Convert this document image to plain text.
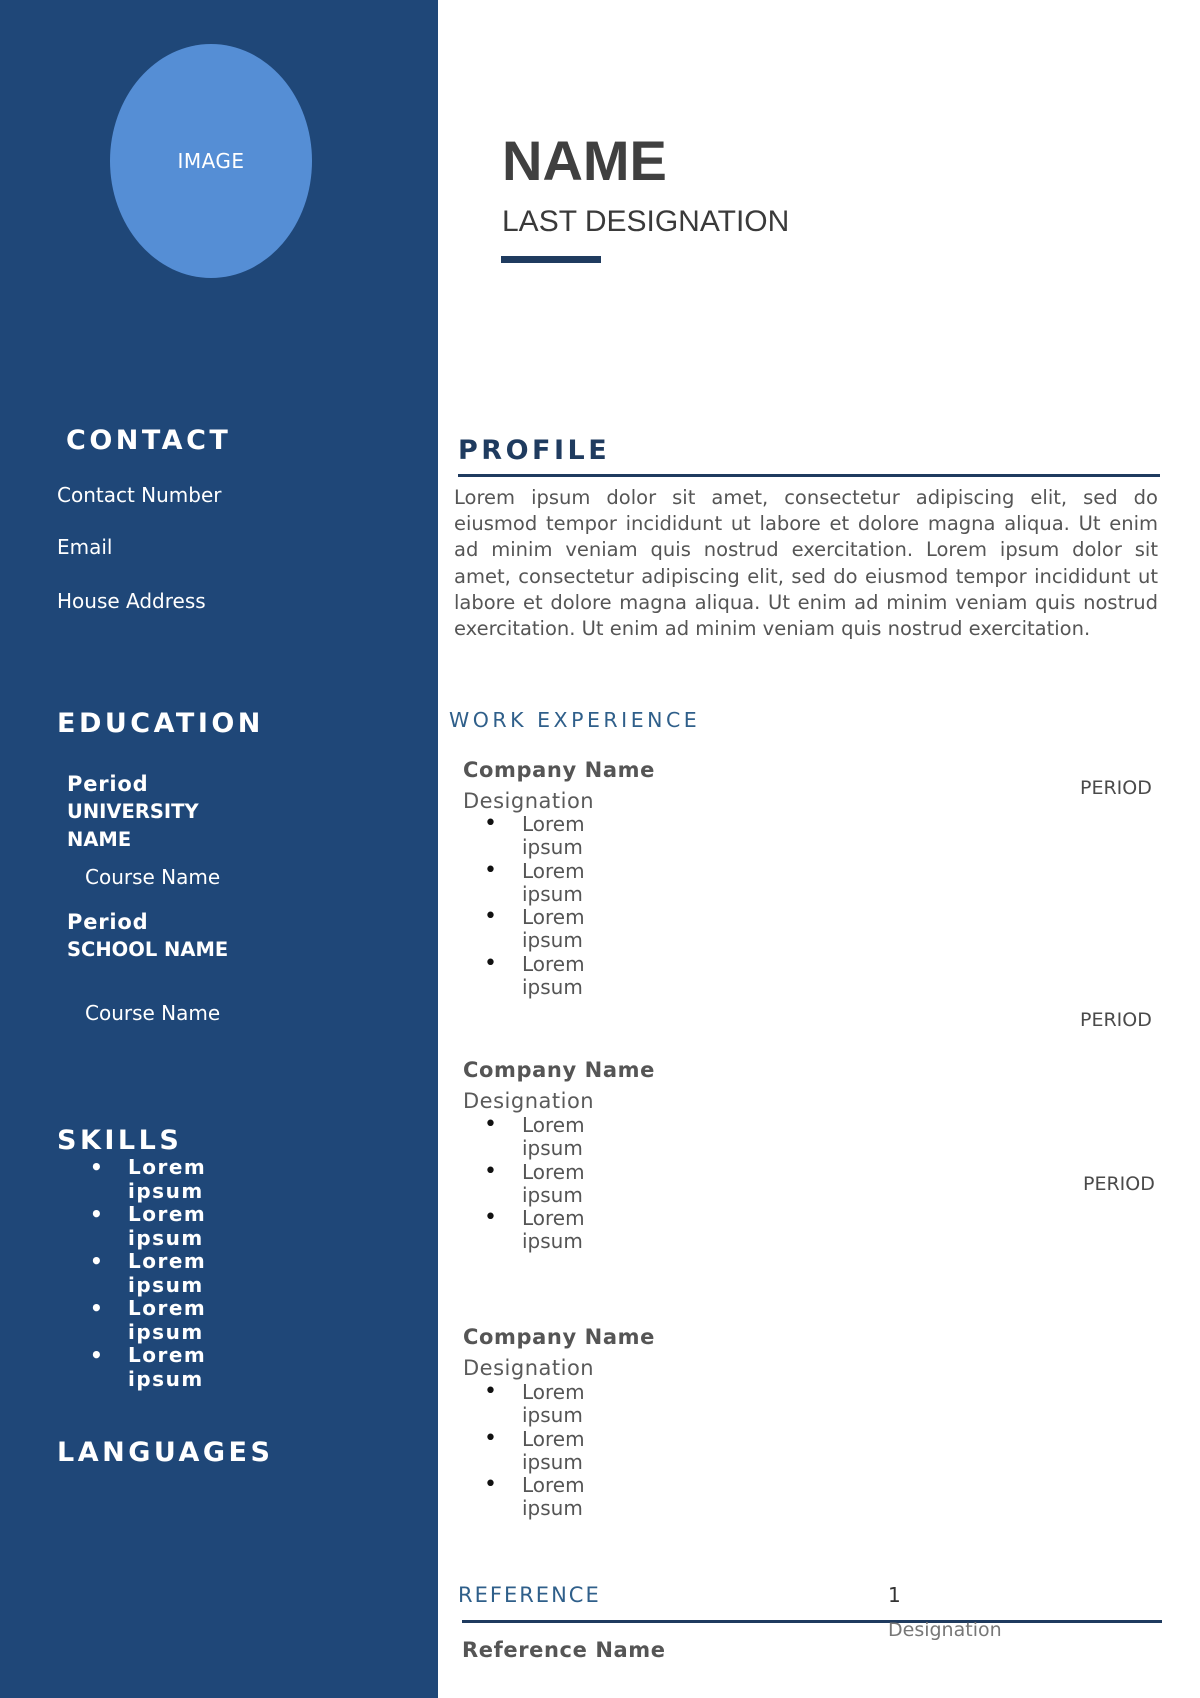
IMAGE
CONTACT
Contact Number
Email
House Address
EDUCATION
Period
UNIVERSITY NAME
Course Name
Period
SCHOOL NAME
Course Name
SKILLS
• Lorem ipsum
• Lorem ipsum
• Lorem ipsum
• Lorem ipsum
• Lorem ipsum
LANGUAGES
NAME
LAST DESIGNATION
PROFILE
Lorem ipsum dolor sit amet, consectetur adipiscing elit, sed do eiusmod tempor incididunt ut labore et dolore magna aliqua. Ut enim ad minim veniam quis nostrud exercitation. Lorem ipsum dolor sit amet, consectetur adipiscing elit, sed do eiusmod tempor incididunt ut labore et dolore magna aliqua. Ut enim ad minim veniam quis nostrud exercitation. Ut enim ad minim veniam quis nostrud exercitation.
WORK EXPERIENCE
Company Name
Designation
PERIOD
• Lorem ipsum
• Lorem ipsum
• Lorem ipsum
• Lorem ipsum
PERIOD
Company Name
Designation
• Lorem ipsum
• Lorem ipsum
• Lorem ipsum
PERIOD
Company Name
Designation
• Lorem ipsum
• Lorem ipsum
• Lorem ipsum
REFERENCE	1
Designation
Reference Name
